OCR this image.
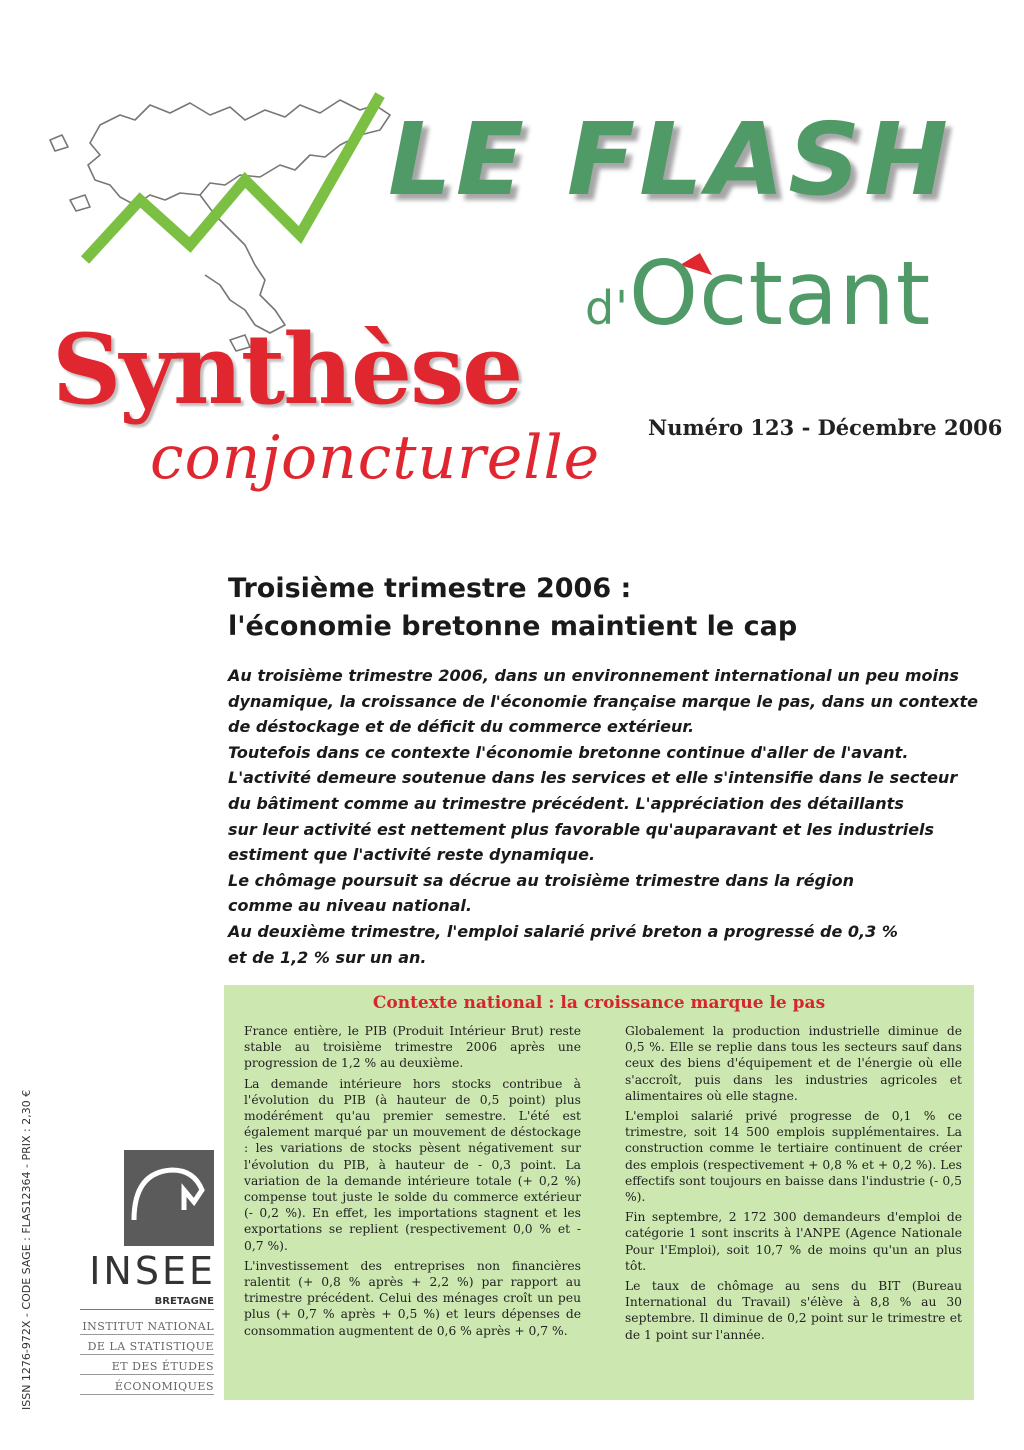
LE FLASH
d'Octant
Synthèse
conjoncturelle Numéro 123 - Décembre 2006
Troisième trimestre 2006 :
l'économie bretonne maintient le cap
Au troisième trimestre 2006, dans un environnement international un peu moins
dynamique, la croissance de l'économie française marque le pas, dans un contexte
de déstockage et de déficit du commerce extérieur.
Toutefois dans ce contexte l'économie bretonne continue d'aller de l'avant.
L'activité demeure soutenue dans les services et elle s'intensifie dans le secteur
du bâtiment comme au trimestre précédent. L'appréciation des détaillants
sur leur activité est nettement plus favorable qu'auparavant et les industriels
estiment que l'activité reste dynamique.
Le chômage poursuit sa décrue au troisième trimestre dans la région
comme au niveau national.
Au deuxième trimestre, l'emploi salarié privé breton a progressé de 0,3 %
et de 1,2 % sur un an.
Contexte national : la croissance marque le pas

France entière, le PIB (Produit Intérieur Brut) reste stable au troisième trimestre 2006 après une progression de 1,2 % au deuxième.

La demande intérieure hors stocks contribue à l'évolution du PIB (à hauteur de 0,5 point) plus modérément qu'au premier semestre. L'été est également marqué par un mouvement de déstockage : les variations de stocks pèsent négativement sur l'évolution du PIB, à hauteur de - 0,3 point. La variation de la demande intérieure totale (+ 0,2 %) compense tout juste le solde du commerce extérieur (- 0,2 %). En effet, les importations stagnent et les exportations se replient (respectivement 0,0 % et - 0,7 %).

L'investissement des entreprises non financières ralentit (+ 0,8 % après + 2,2 %) par rapport au trimestre précédent. Celui des ménages croît un peu plus (+ 0,7 % après + 0,5 %) et leurs dépenses de consommation augmentent de 0,6 % après + 0,7 %.

Globalement la production industrielle diminue de 0,5 %. Elle se replie dans tous les secteurs sauf dans ceux des biens d'équipement et de l'énergie où elle s'accroît, puis dans les industries agricoles et alimentaires où elle stagne.

L'emploi salarié privé progresse de 0,1 % ce trimestre, soit 14 500 emplois supplémentaires. La construction comme le tertiaire continuent de créer des emplois (respectivement + 0,8 % et + 0,2 %). Les effectifs sont toujours en baisse dans l'industrie (- 0,5 %).

Fin septembre, 2 172 300 demandeurs d'emploi de catégorie 1 sont inscrits à l'ANPE (Agence Nationale Pour l'Emploi), soit 10,7 % de moins qu'un an plus tôt.

Le taux de chômage au sens du BIT (Bureau International du Travail) s'élève à 8,8 % au 30 septembre. Il diminue de 0,2 point sur le trimestre et de 1 point sur l'année.

ISSN 1276-972X - CODE SAGE : FLAS12364 - PRIX : 2,30 € INSEE
BRETAGNE
INSTITUT NATIONAL
DE LA STATISTIQUE
ET DES ÉTUDES
ÉCONOMIQUES
